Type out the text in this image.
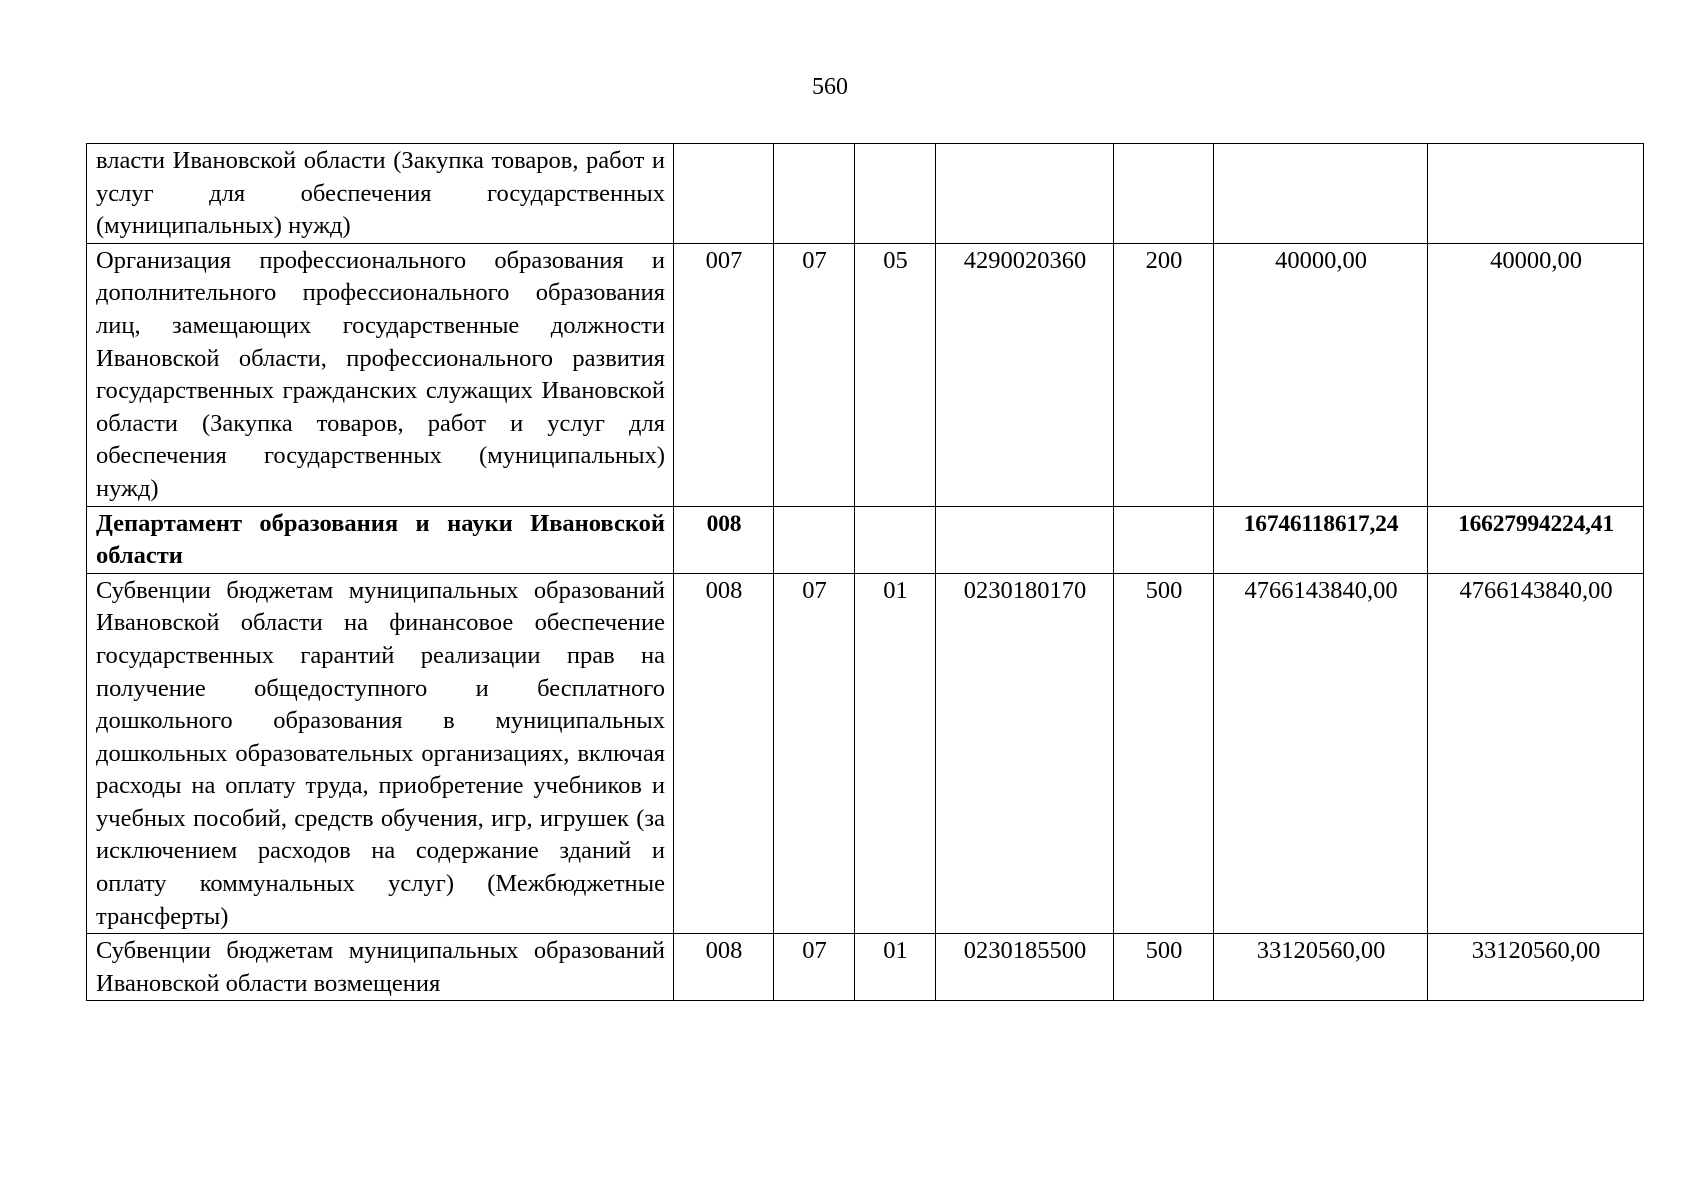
560
власти Ивановской области (Закупка товаров, работ и услуг для обеспечения государственных (муниципальных) нужд)							
Организация профессионального образования и дополнительного профессионального образования лиц, замещающих государственные должности Ивановской области, профессионального развития государственных гражданских служащих Ивановской области (Закупка товаров, работ и услуг для обеспечения государственных (муниципальных) нужд)	007	07	05	4290020360	200	40000,00	40000,00
Департамент образования и науки Ивановской области	008					16746118617,24	16627994224,41
Субвенции бюджетам муниципальных образований Ивановской области на финансовое обеспечение государственных гарантий реализации прав на получение общедоступного и бесплатного дошкольного образования в муниципальных дошкольных образовательных организациях, включая расходы на оплату труда, приобретение учебников и учебных пособий, средств обучения, игр, игрушек (за исключением расходов на содержание зданий и оплату коммунальных услуг) (Межбюджетные трансферты)	008	07	01	0230180170	500	4766143840,00	4766143840,00
Субвенции бюджетам муниципальных образований Ивановской области возмещения	008	07	01	0230185500	500	33120560,00	33120560,00
